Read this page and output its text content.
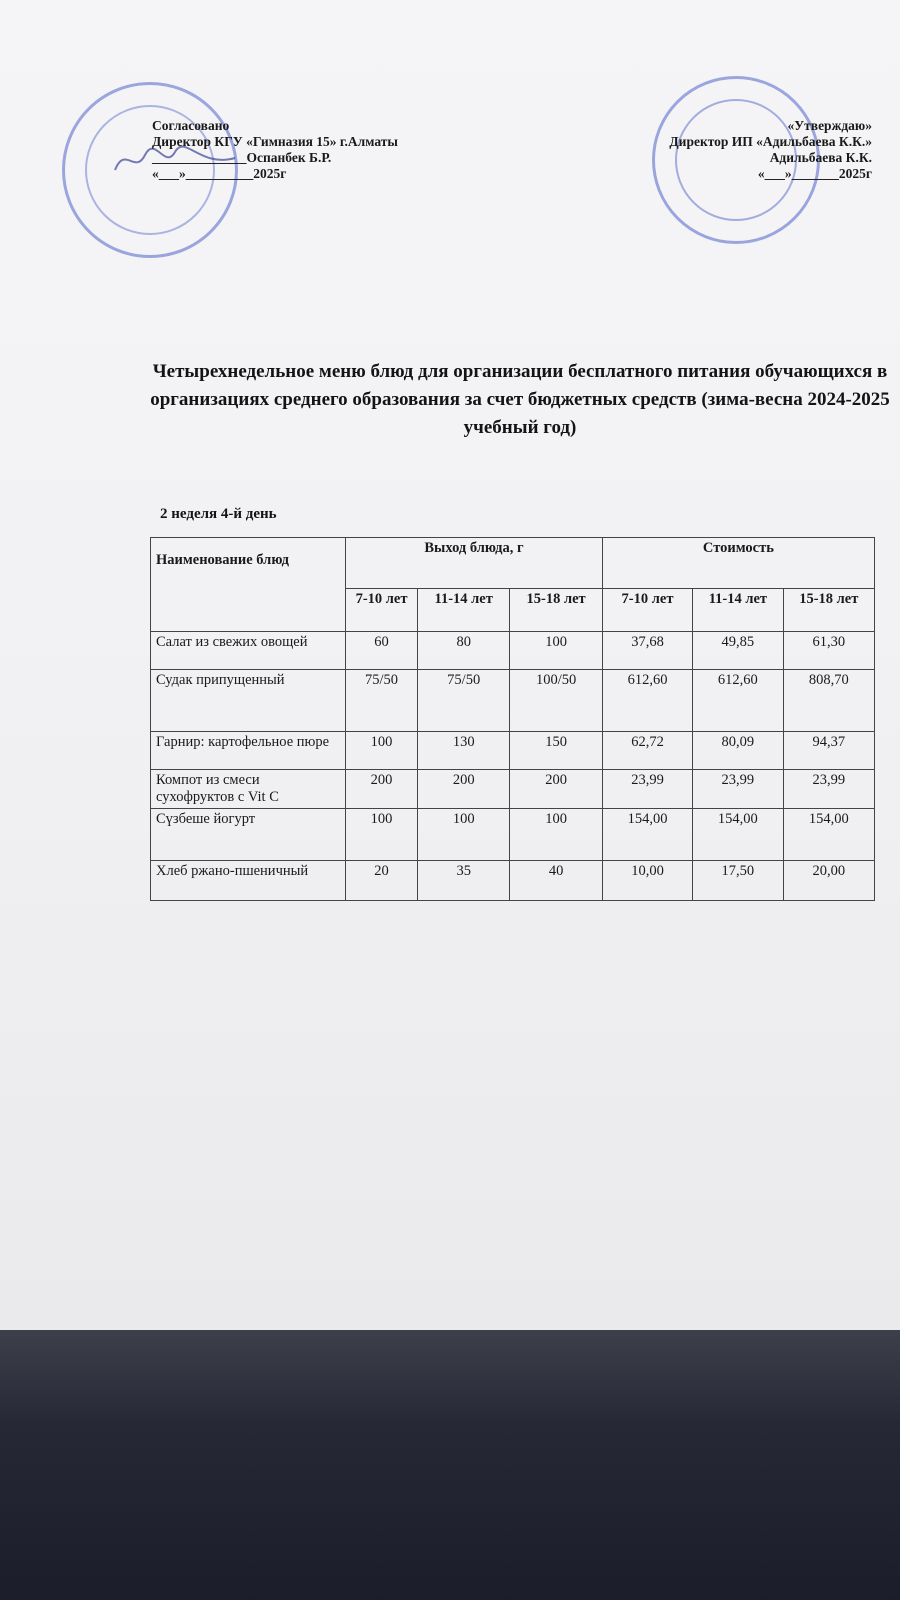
Согласовано
Директор КГУ «Гимназия 15» г.Алматы
______________Оспанбек Б.Р.
«___»__________2025г
«Утверждаю»
Директор ИП «Адильбаева К.К.»
Адильбаева К.К.
«___»_______2025г
Четырехнедельное меню блюд для организации бесплатного питания обучающихся в организациях среднего образования за счет бюджетных средств (зима-весна 2024-2025 учебный год)
2 неделя 4-й день
Наименование блюд	Выход блюда, г			Стоимость		
	7-10 лет	11-14 лет	15-18 лет	7-10 лет	11-14 лет	15-18 лет
Салат из свежих овощей	60	80	100	37,68	49,85	61,30
Судак припущенный	75/50	75/50	100/50	612,60	612,60	808,70
Гарнир: картофельное пюре	100	130	150	62,72	80,09	94,37
Компот из смеси сухофруктов с Vit C	200	200	200	23,99	23,99	23,99
Сүзбеше йогурт	100	100	100	154,00	154,00	154,00
Хлеб ржано-пшеничный	20	35	40	10,00	17,50	20,00
